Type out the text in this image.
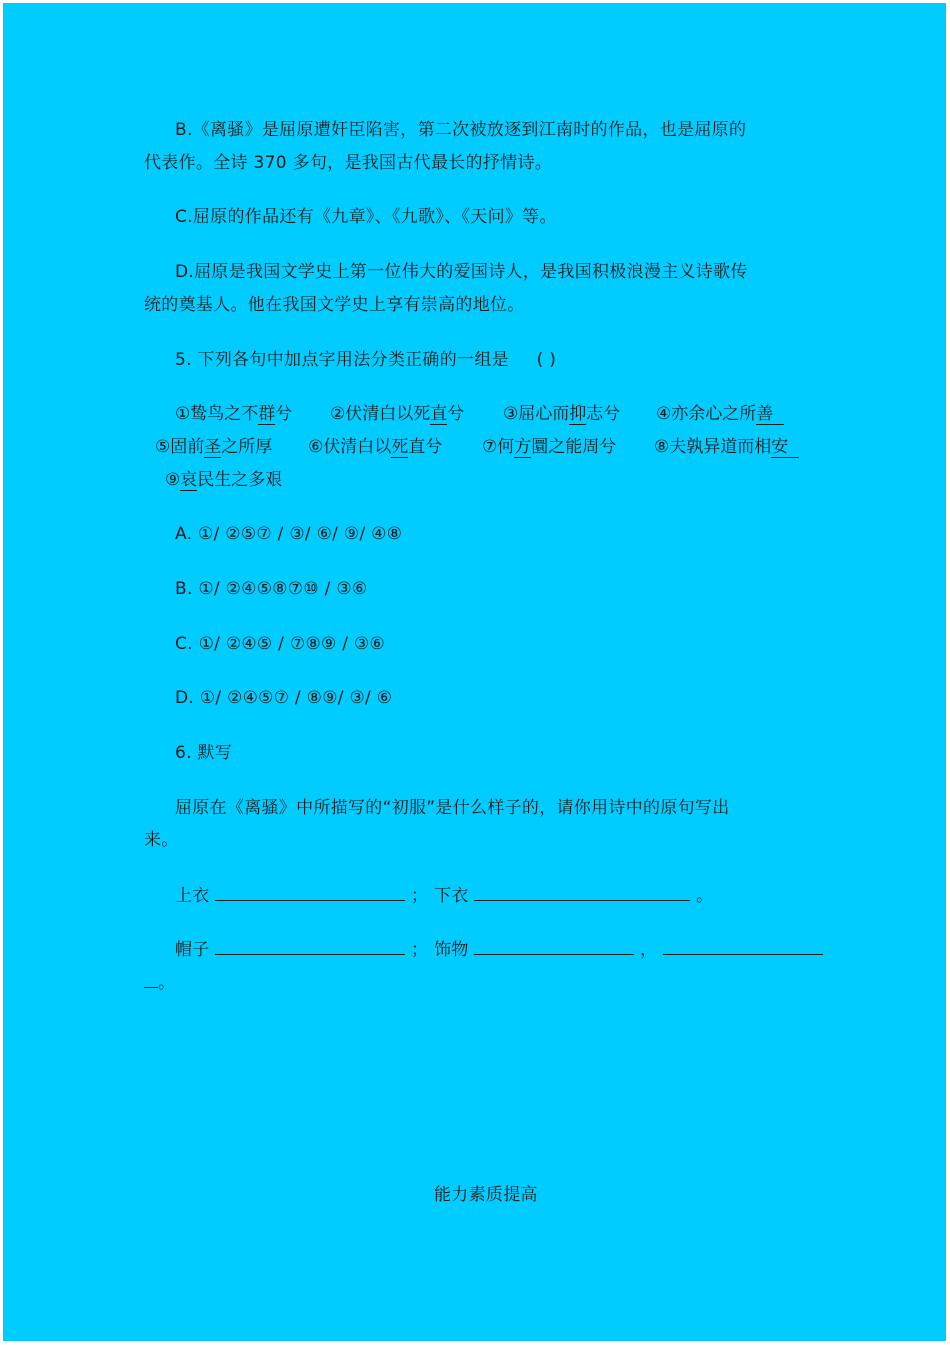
B.《离骚》是屈原遭奸臣陷害，第二次被放逐到江南时的作品，也是屈原的
代表作。全诗 370 多句，是我国古代最长的抒情诗。
C.屈原的作品还有《九章》、《九歌》、《天问》等。
D.屈原是我国文学史上第一位伟大的爱国诗人，是我国积极浪漫主义诗歌传
统的奠基人。他在我国文学史上享有崇高的地位。
5. 下列各句中加点字用法分类正确的一组是 ( )
①鸷鸟之不群兮 ②伏清白以死直兮 ③屈心而抑志兮 ④亦余心之所善
⑤固前圣之所厚 ⑥伏清白以死直兮 ⑦何方圜之能周兮 ⑧夫孰异道而相安
⑨哀民生之多艰
A. ①/ ②⑤⑦ / ③/ ⑥/ ⑨/ ④⑧
B. ①/ ②④⑤⑧⑦⑩ / ③⑥
C. ①/ ②④⑤ / ⑦⑧⑨ / ③⑥
D. ①/ ②④⑤⑦ / ⑧⑨/ ③/ ⑥
6. 默写
屈原在《离骚》中所描写的“初服”是什么样子的，请你用诗中的原句写出
来。
上衣	； 下衣	。
帽子	； 饰物	，
。
能力素质提高
